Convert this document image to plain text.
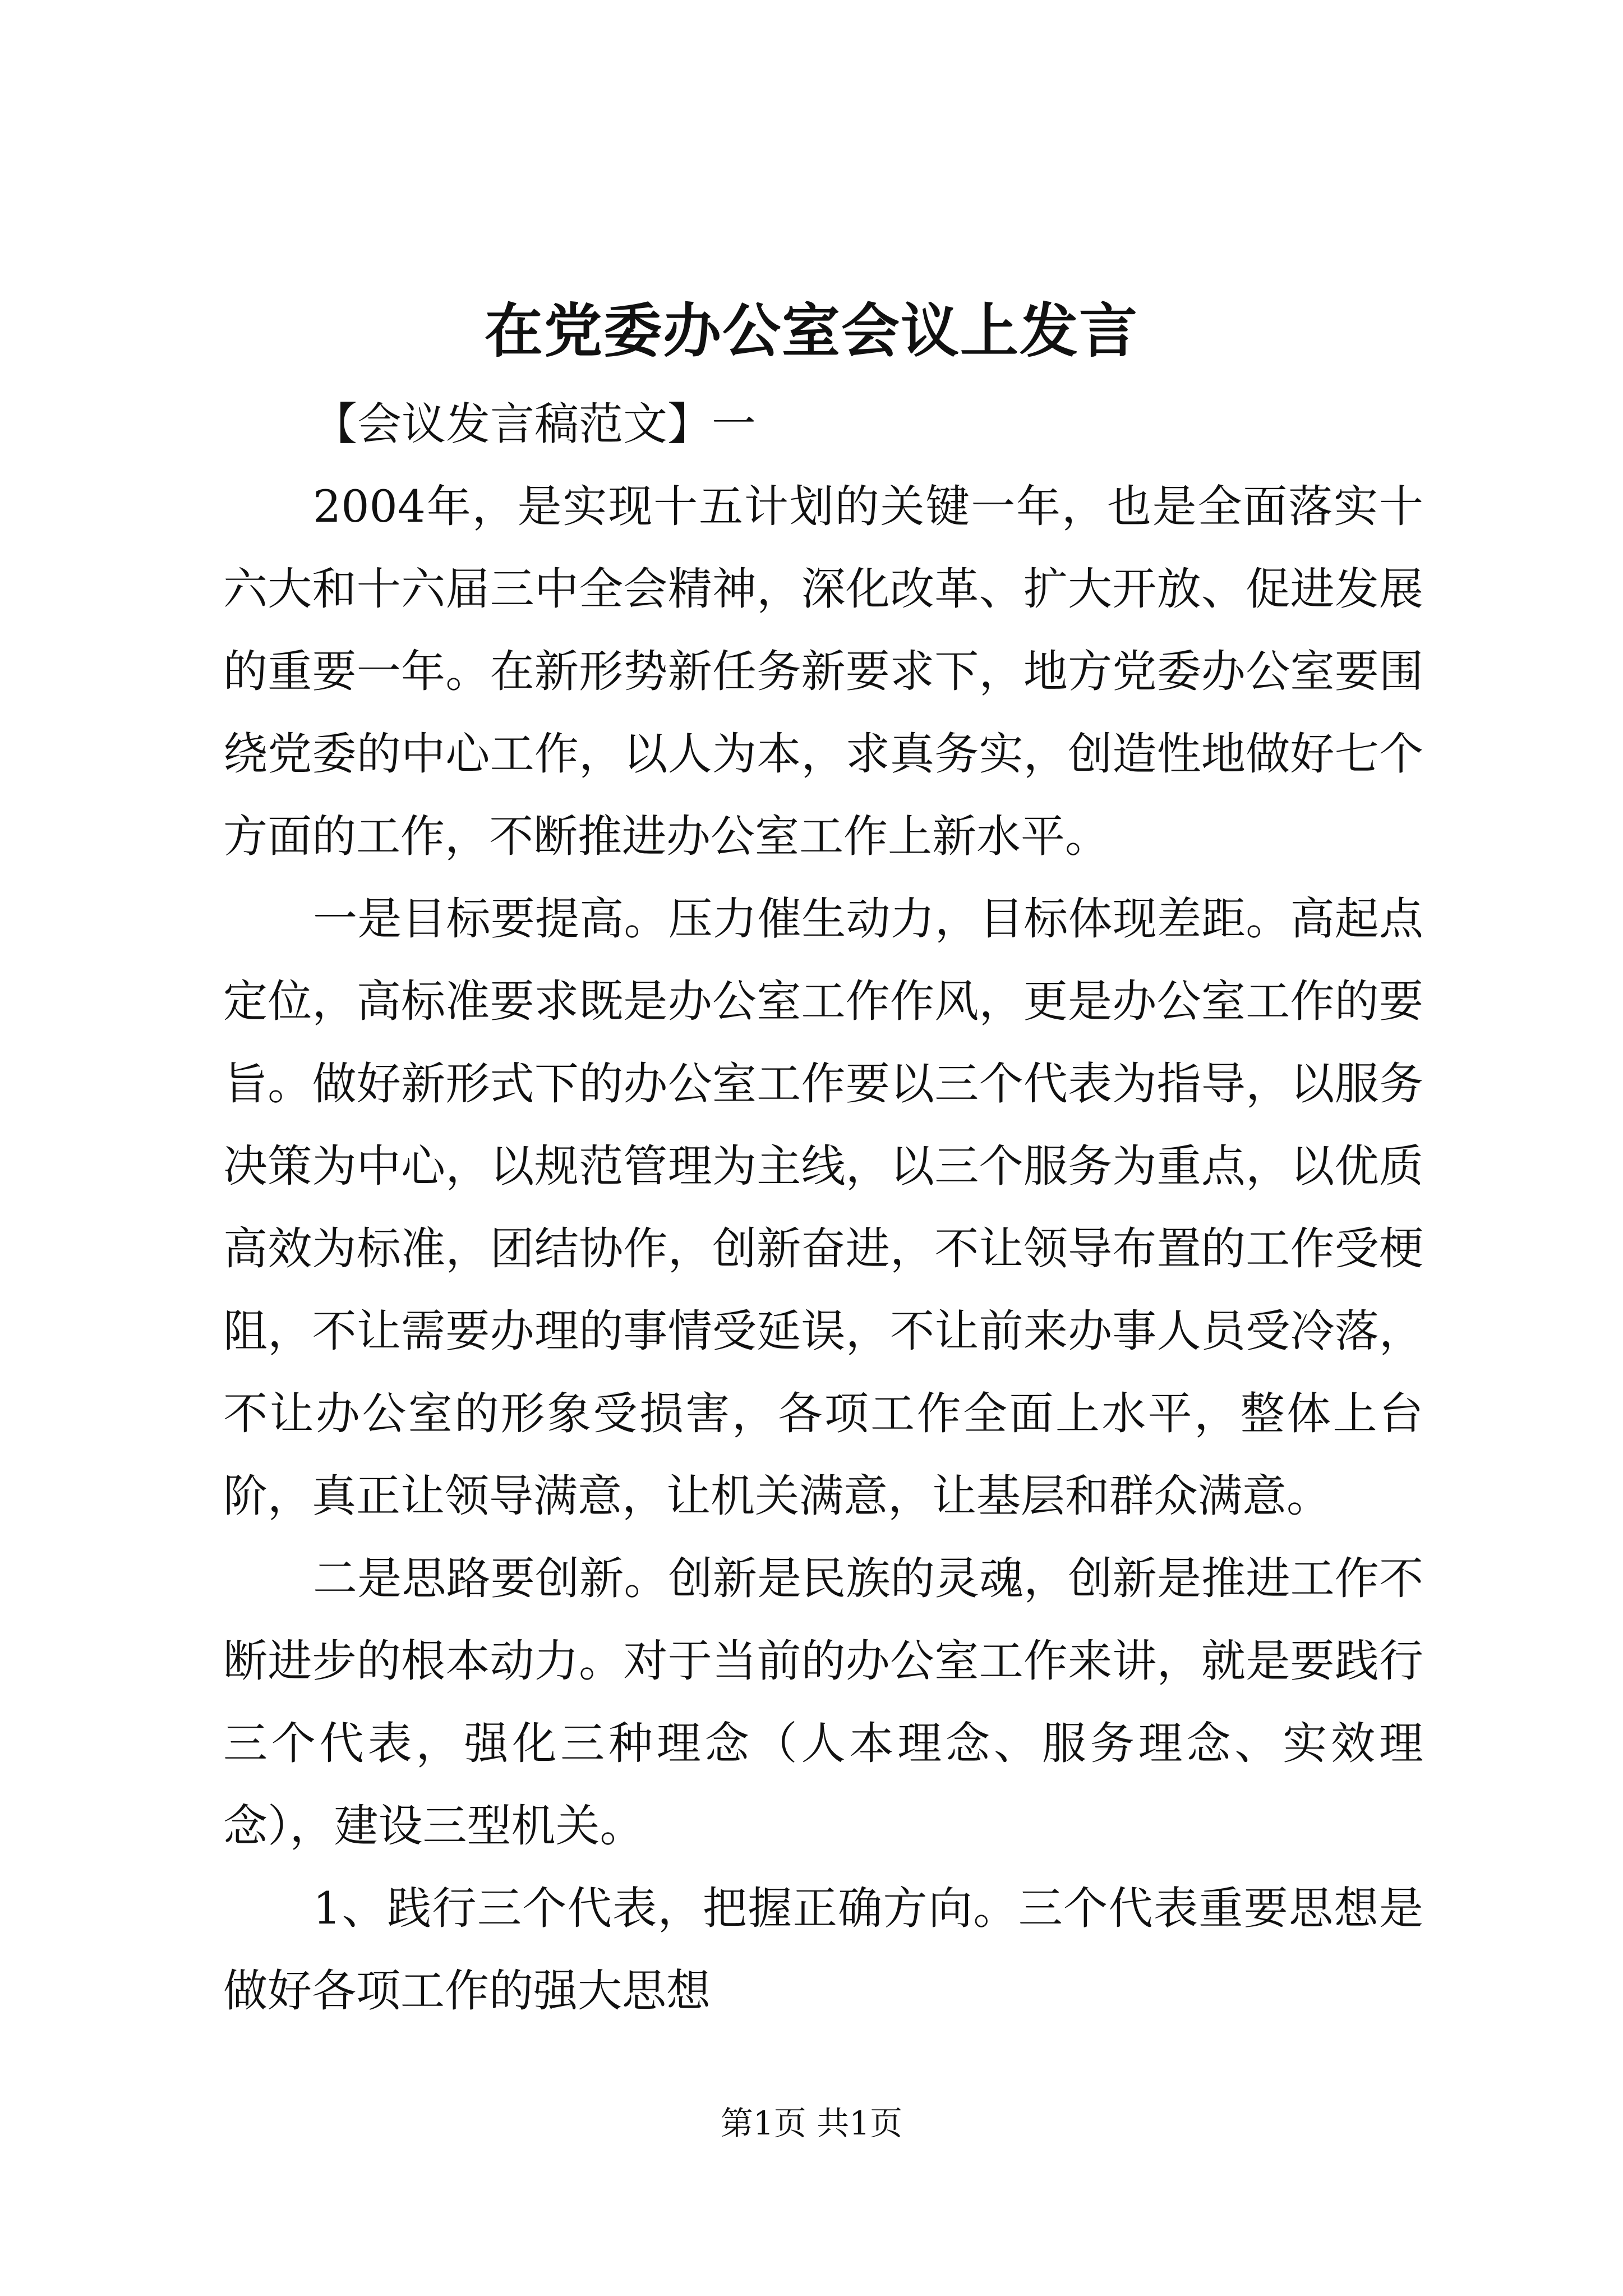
在党委办公室会议上发言

【会议发言稿范文】一

2004年，是实现十五计划的关键一年，也是全面落实十六大和十六届三中全会精神，深化改革、扩大开放、促进发展的重要一年。在新形势新任务新要求下，地方党委办公室要围绕党委的中心工作，以人为本，求真务实，创造性地做好七个方面的工作，不断推进办公室工作上新水平。

一是目标要提高。压力催生动力，目标体现差距。高起点定位，高标准要求既是办公室工作作风，更是办公室工作的要旨。做好新形式下的办公室工作要以三个代表为指导，以服务决策为中心，以规范管理为主线，以三个服务为重点，以优质高效为标准，团结协作，创新奋进，不让领导布置的工作受梗阻，不让需要办理的事情受延误，不让前来办事人员受冷落，不让办公室的形象受损害，各项工作全面上水平，整体上台阶，真正让领导满意，让机关满意，让基层和群众满意。

二是思路要创新。创新是民族的灵魂，创新是推进工作不断进步的根本动力。对于当前的办公室工作来讲，就是要践行三个代表，强化三种理念（人本理念、服务理念、实效理念），建设三型机关。

1、践行三个代表，把握正确方向。三个代表重要思想是做好各项工作的强大思想

第1页 共1页
